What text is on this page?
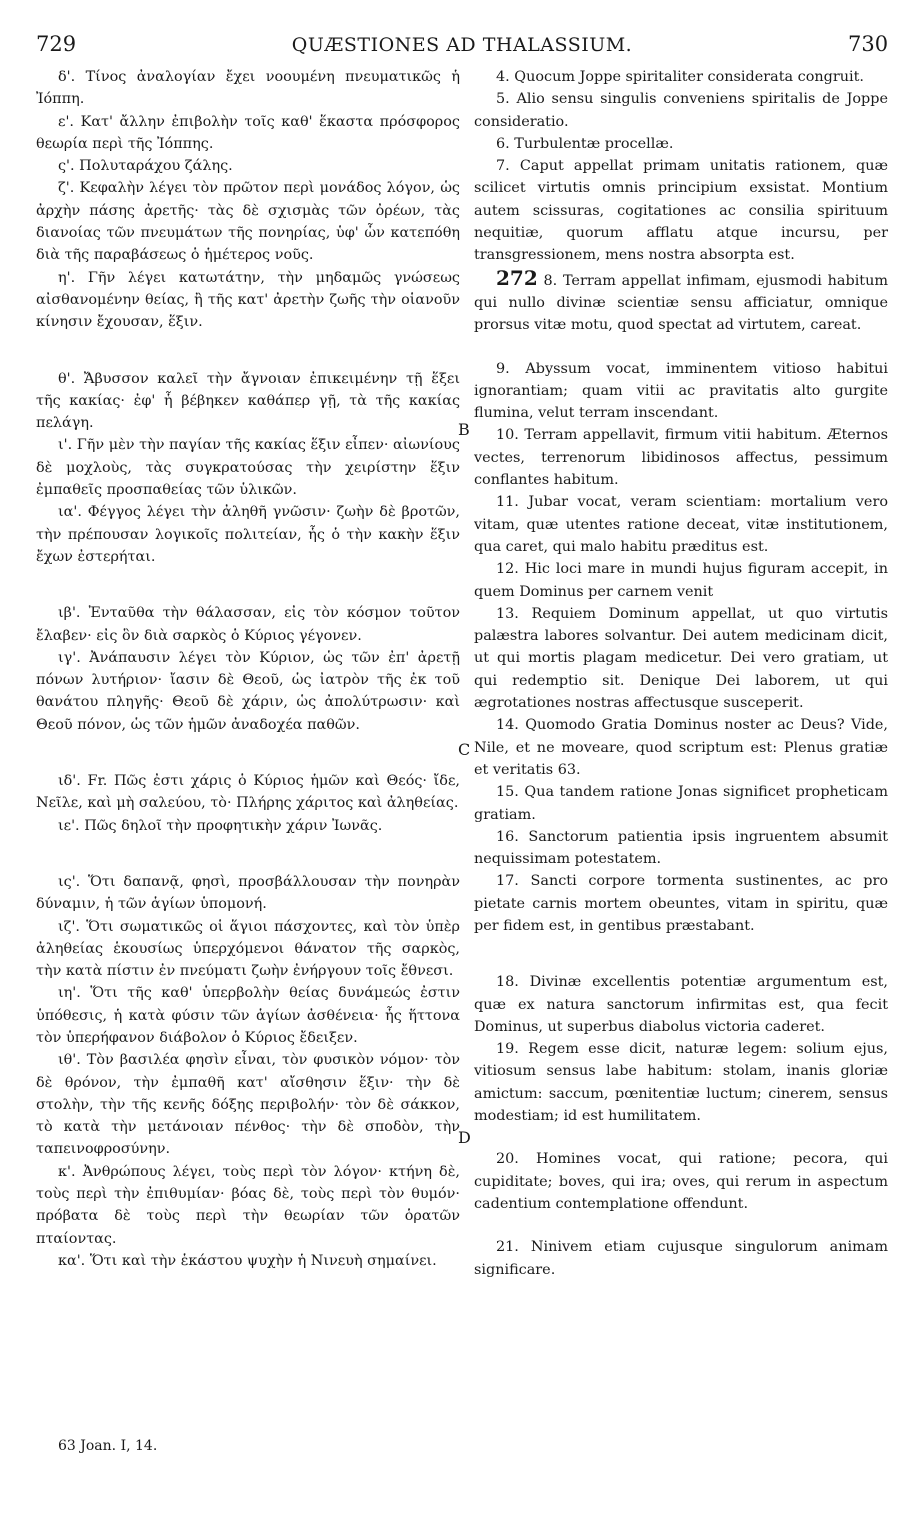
729	QUÆSTIONES AD THALASSIUM.	730

δ'. Τίνος ἀναλογίαν ἔχει νοουμένη πνευματικῶς ἡ Ἰόππη.

ε'. Κατ' ἄλλην ἐπιβολὴν τοῖς καθ' ἕκαστα πρόσφορος θεωρία περὶ τῆς Ἰόππης.

ς'. Πολυταράχου ζάλης.

ζ'. Κεφαλὴν λέγει τὸν πρῶτον περὶ μονάδος λόγον, ὡς ἀρχὴν πάσης ἀρετῆς· τὰς δὲ σχισμὰς τῶν ὀρέων, τὰς διανοίας τῶν πνευμάτων τῆς πονηρίας, ὑφ' ὧν κατεπόθη διὰ τῆς παραβάσεως ὁ ἡμέτερος νοῦς.

η'. Γῆν λέγει κατωτάτην, τὴν μηδαμῶς γνώσεως αἰσθανομένην θείας, ἢ τῆς κατ' ἀρετὴν ζωῆς τὴν οἱανοῦν κίνησιν ἔχουσαν, ἕξιν.

θ'. Ἄβυσσον καλεῖ τὴν ἄγνοιαν ἐπικειμένην τῇ ἕξει τῆς κακίας· ἐφ' ἧ βέβηκεν καθάπερ γῇ, τὰ τῆς κακίας πελάγη.

ι'. Γῆν μὲν τὴν παγίαν τῆς κακίας ἕξιν εἶπεν· αἰωνίους δὲ μοχλοὺς, τὰς συγκρατούσας τὴν χειρίστην ἕξιν ἐμπαθεῖς προσπαθείας τῶν ὑλικῶν.

ια'. Φέγγος λέγει τὴν ἀληθῆ γνῶσιν· ζωὴν δὲ βροτῶν, τὴν πρέπουσαν λογικοῖς πολιτείαν, ἧς ὁ τὴν κακὴν ἕξιν ἔχων ἐστερήται.

ιβ'. Ἐνταῦθα τὴν θάλασσαν, εἰς τὸν κόσμον τοῦτον ἔλαβεν· εἰς ὃν διὰ σαρκὸς ὁ Κύριος γέγονεν.

ιγ'. Ἀνάπαυσιν λέγει τὸν Κύριον, ὡς τῶν ἐπ' ἀρετῇ πόνων λυτήριον· ἴασιν δὲ Θεοῦ, ὡς ἰατρὸν τῆς ἐκ τοῦ θανάτου πληγῆς· Θεοῦ δὲ χάριν, ὡς ἀπολύτρωσιν· καὶ Θεοῦ πόνον, ὡς τῶν ἡμῶν ἀναδοχέα παθῶν.

ιδ'. Fr. Πῶς ἐστι χάρις ὁ Κύριος ἡμῶν καὶ Θεός· ἴδε, Νεῖλε, καὶ μὴ σαλεύου, τὸ· Πλήρης χάριτος καὶ ἀληθείας.

ιε'. Πῶς δηλοῖ τὴν προφητικὴν χάριν Ἰωνᾶς.

ις'. Ὅτι δαπανᾷ, φησὶ, προσβάλλουσαν τὴν πονηρὰν δύναμιν, ἡ τῶν ἁγίων ὑπομονή.

ιζ'. Ὅτι σωματικῶς οἱ ἅγιοι πάσχοντες, καὶ τὸν ὑπὲρ ἀληθείας ἑκουσίως ὑπερχόμενοι θάνατον τῆς σαρκὸς, τὴν κατὰ πίστιν ἐν πνεύματι ζωὴν ἐνήργουν τοῖς ἔθνεσι.

ιη'. Ὅτι τῆς καθ' ὑπερβολὴν θείας δυνάμεώς ἐστιν ὑπόθεσις, ἡ κατὰ φύσιν τῶν ἁγίων ἀσθένεια· ἧς ἥττονα τὸν ὑπερήφανον διάβολον ὁ Κύριος ἔδειξεν.

ιθ'. Τὸν βασιλέα φησὶν εἶναι, τὸν φυσικὸν νόμον· τὸν δὲ θρόνον, τὴν ἐμπαθῆ κατ' αἴσθησιν ἕξιν· τὴν δὲ στολὴν, τὴν τῆς κενῆς δόξης περιβολήν· τὸν δὲ σάκκον, τὸ κατὰ τὴν μετάνοιαν πένθος· τὴν δὲ σποδὸν, τὴν ταπεινοφροσύνην.

κ'. Ἀνθρώπους λέγει, τοὺς περὶ τὸν λόγον· κτήνη δὲ, τοὺς περὶ τὴν ἐπιθυμίαν· βόας δὲ, τοὺς περὶ τὸν θυμόν· πρόβατα δὲ τοὺς περὶ τὴν θεωρίαν τῶν ὁρατῶν πταίοντας.

κα'. Ὅτι καὶ τὴν ἑκάστου ψυχὴν ἡ Νινευὴ σημαίνει.

4. Quocum Joppe spiritaliter considerata congruit.

5. Alio sensu singulis conveniens spiritalis de Joppe consideratio.

6. Turbulentæ procellæ.

7. Caput appellat primam unitatis rationem, quæ scilicet virtutis omnis principium exsistat. Montium autem scissuras, cogitationes ac consilia spirituum nequitiæ, quorum afflatu atque incursu, per transgressionem, mens nostra absorpta est.

272 8. Terram appellat infimam, ejusmodi habitum qui nullo divinæ scientiæ sensu afficiatur, omnique prorsus vitæ motu, quod spectat ad virtutem, careat.

9. Abyssum vocat, imminentem vitioso habitui ignorantiam; quam vitii ac pravitatis alto gurgite flumina, velut terram inscendant.

10. Terram appellavit, firmum vitii habitum. Æternos vectes, terrenorum libidinosos affectus, pessimum conflantes habitum.

11. Jubar vocat, veram scientiam: mortalium vero vitam, quæ utentes ratione deceat, vitæ institutionem, qua caret, qui malo habitu præditus est.

12. Hic loci mare in mundi hujus figuram accepit, in quem Dominus per carnem venit

13. Requiem Dominum appellat, ut quo virtutis palæstra labores solvantur. Dei autem medicinam dicit, ut qui mortis plagam medicetur. Dei vero gratiam, ut qui redemptio sit. Denique Dei laborem, ut qui ægrotationes nostras affectusque susceperit.

14. Quomodo Gratia Dominus noster ac Deus? Vide, Nile, et ne movearе, quod scriptum est: Plenus gratiæ et veritatis 63.

15. Qua tandem ratione Jonas significet propheticam gratiam.

16. Sanctorum patientia ipsis ingruentem absumit nequissimam potestatem.

17. Sancti corpore tormenta sustinentes, ac pro pietate carnis mortem obeuntes, vitam in spiritu, quæ per fidem est, in gentibus præstabant.

18. Divinæ excellentis potentiæ argumentum est, quæ ex natura sanctorum infirmitas est, qua fecit Dominus, ut superbus diabolus victoria caderet.

19. Regem esse dicit, naturæ legem: solium ejus, vitiosum sensus labe habitum: stolam, inanis gloriæ amictum: saccum, pœnitentiæ luctum; cinerem, sensus modestiam; id est humilitatem.

20. Homines vocat, qui ratione; pecora, qui cupiditate; boves, qui ira; oves, qui rerum in aspectum cadentium contemplatione offendunt.

21. Ninivem etiam cujusque singulorum animam significare.

B
C
D
63 Joan. I, 14.
